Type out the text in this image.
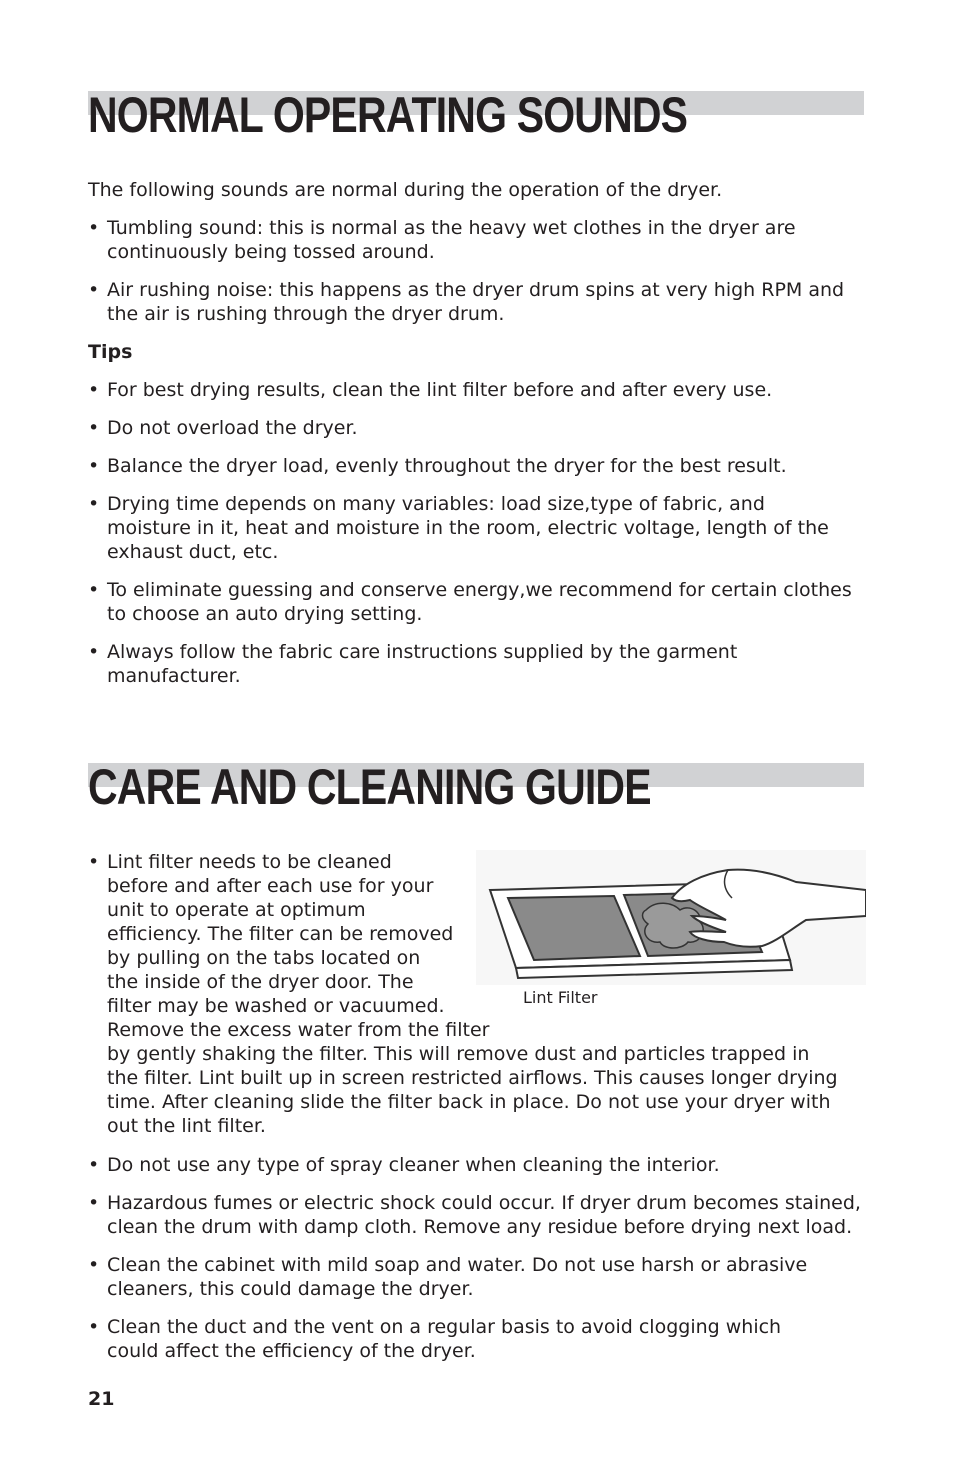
NORMAL OPERATING SOUNDS

The following sounds are normal during the operation of the dryer.

• Tumbling sound: this is normal as the heavy wet clothes in the dryer are
continuously being tossed around.
• Air rushing noise: this happens as the dryer drum spins at very high RPM and
the air is rushing through the dryer drum.

Tips

• For best drying results, clean the lint filter before and after every use.
• Do not overload the dryer.
• Balance the dryer load, evenly throughout the dryer for the best result.
• Drying time depends on many variables: load size,type of fabric, and
moisture in it, heat and moisture in the room, electric voltage, length of the
exhaust duct, etc.
• To eliminate guessing and conserve energy,we recommend for certain clothes
to choose an auto drying setting.
• Always follow the fabric care instructions supplied by the garment
manufacturer.
CARE AND CLEANING GUIDE
• Lint filter needs to be cleaned
before and after each use for your
unit to operate at optimum
efficiency. The filter can be removed
by pulling on the tabs located on
the inside of the dryer door. The
filter may be washed or vacuumed.
Remove the excess water from the filter
by gently shaking the filter. This will remove dust and particles trapped in
the filter. Lint built up in screen restricted airflows. This causes longer drying
time. After cleaning slide the filter back in place. Do not use your dryer with
out the lint filter.
Lint Filter
• Do not use any type of spray cleaner when cleaning the interior.
• Hazardous fumes or electric shock could occur. If dryer drum becomes stained,
clean the drum with damp cloth. Remove any residue before drying next load.
• Clean the cabinet with mild soap and water. Do not use harsh or abrasive
cleaners, this could damage the dryer.
• Clean the duct and the vent on a regular basis to avoid clogging which
could affect the efficiency of the dryer.
21
